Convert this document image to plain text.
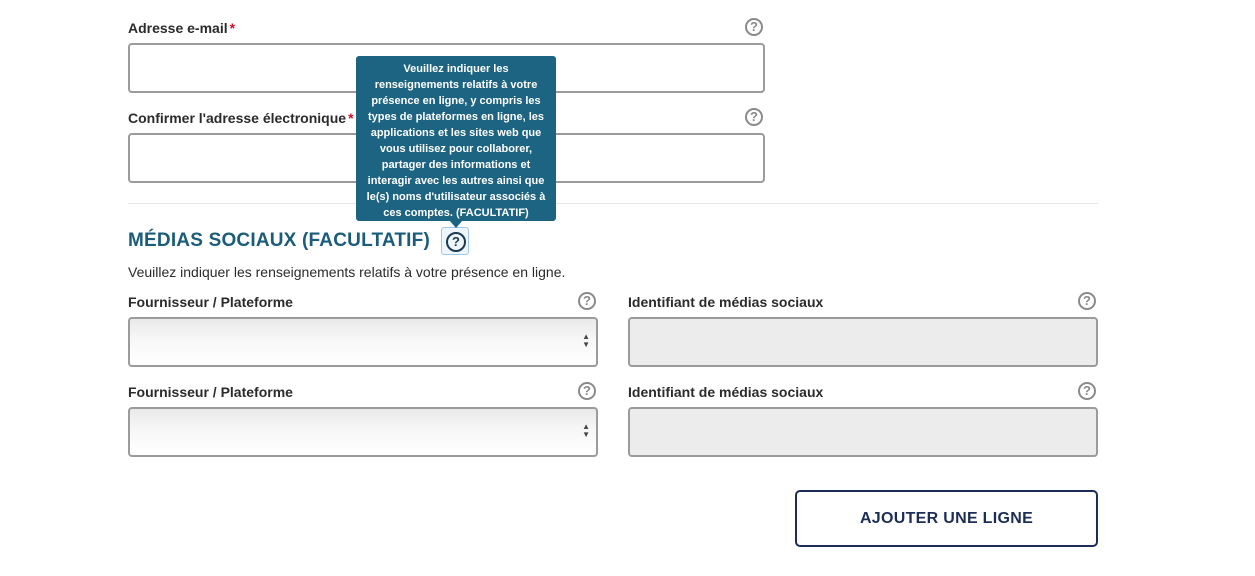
Adresse e-mail *	?
Confirmer l'adresse électronique *	?
MÉDIAS SOCIAUX (FACULTATIF)	?
Veuillez indiquer les renseignements relatifs à votre présence en ligne.
Fournisseur / Plateforme	?
▲
▼
Identifiant de médias sociaux	?
Fournisseur / Plateforme	?
▲
▼
Identifiant de médias sociaux	?
AJOUTER UNE LIGNE
Veuillez indiquer les renseignements relatifs à votre présence en ligne, y compris les types de plateformes en ligne, les applications et les sites web que vous utilisez pour collaborer, partager des informations et interagir avec les autres ainsi que le(s) noms d'utilisateur associés à ces comptes. (FACULTATIF)
